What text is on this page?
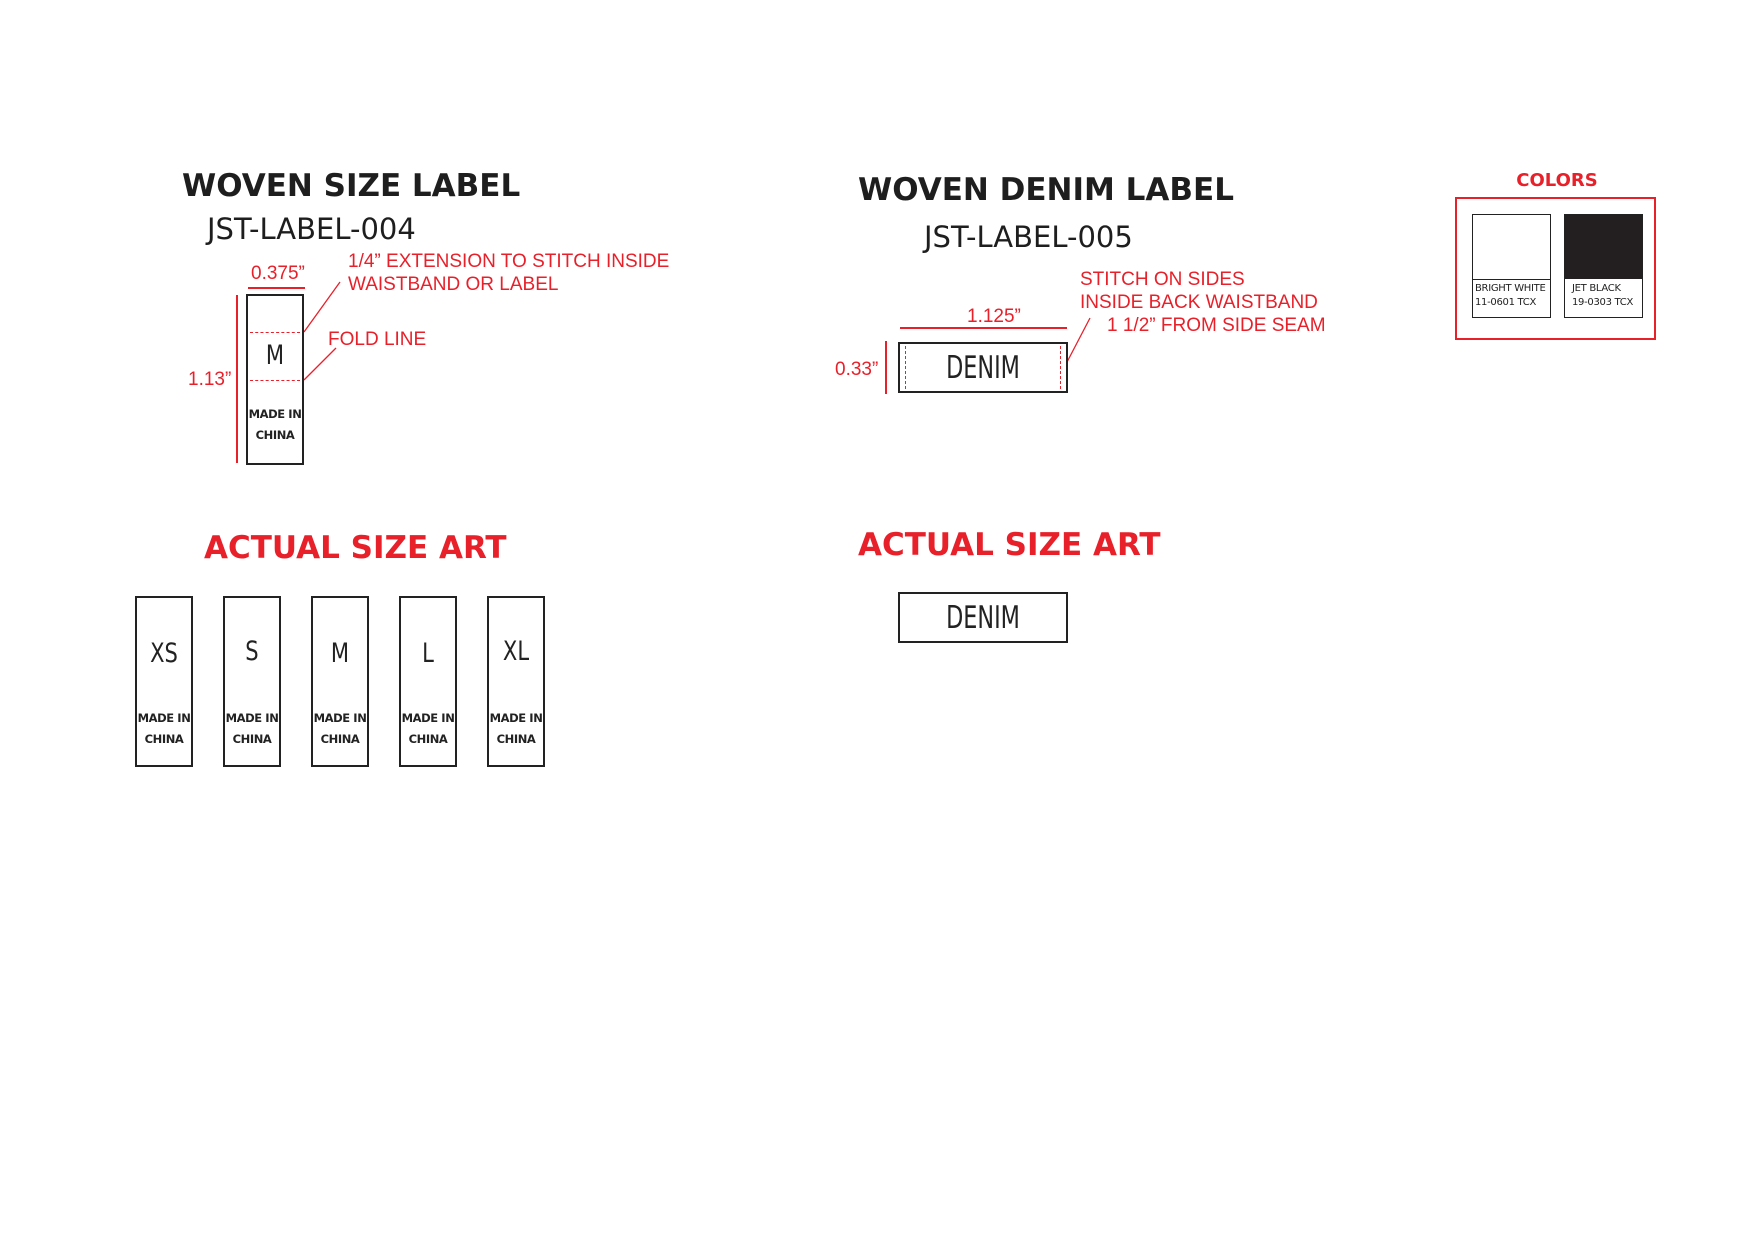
WOVEN SIZE LABEL
JST-LABEL-004
0.375”
1/4” EXTENSION TO STITCH INSIDE
WAISTBAND OR LABEL
FOLD LINE
1.13”
M
MADE IN
CHINA
ACTUAL SIZE ART
XS
MADE IN
CHINA
S
MADE IN
CHINA
M
MADE IN
CHINA
L
MADE IN
CHINA
XL
MADE IN
CHINA
WOVEN DENIM LABEL
JST-LABEL-005
STITCH ON SIDES
INSIDE BACK WAISTBAND
1 1/2” FROM SIDE SEAM
1.125”
0.33”	DENIM
ACTUAL SIZE ART
DENIM
COLORS
BRIGHT WHITE
11-0601 TCX
JET BLACK
19-0303 TCX
